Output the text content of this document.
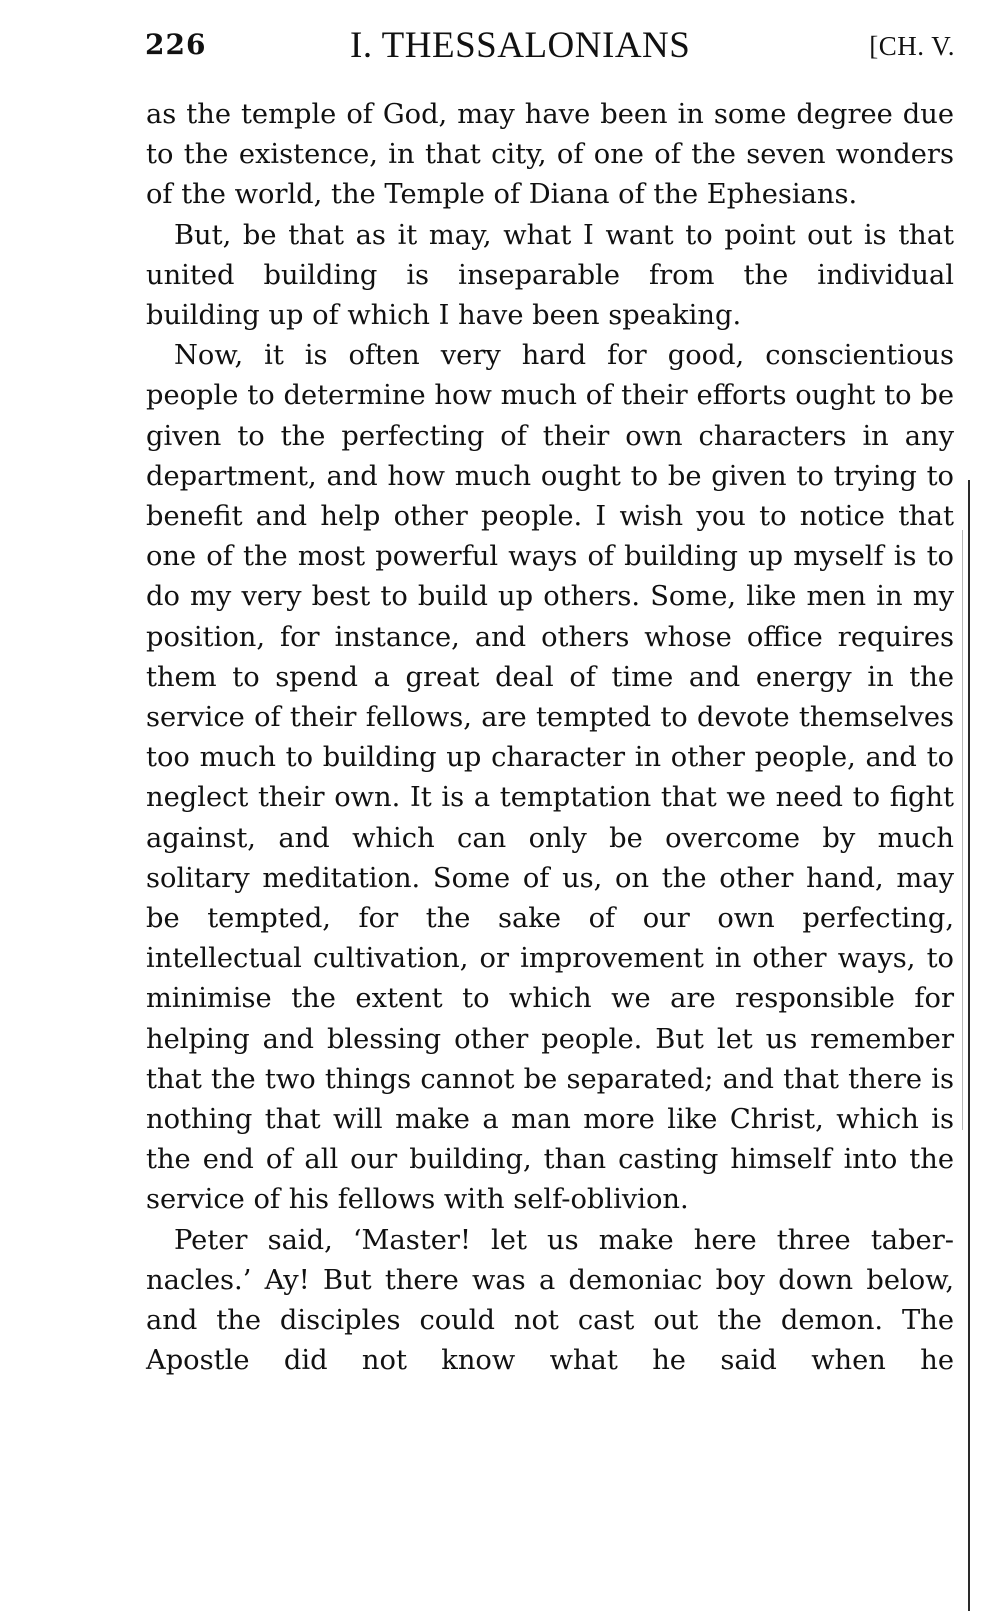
226	I. THESSALONIANS	[CH. V.

as the temple of God, may have been in some degree due to the existence, in that city, of one of the seven wonders of the world, the Temple of Diana of the Ephesians.

But, be that as it may, what I want to point out is that united building is inseparable from the individual building up of which I have been speaking.

Now, it is often very hard for good, conscientious people to determine how much of their efforts ought to be given to the perfecting of their own characters in any department, and how much ought to be given to trying to benefit and help other people. I wish you to notice that one of the most powerful ways of building up myself is to do my very best to build up others. Some, like men in my position, for instance, and others whose office requires them to spend a great deal of time and energy in the service of their fellows, are tempted to devote themselves too much to building up character in other people, and to neglect their own. It is a temptation that we need to fight against, and which can only be overcome by much solitary meditation. Some of us, on the other hand, may be tempted, for the sake of our own perfecting, intellectual cultivation, or improvement in other ways, to minimise the extent to which we are responsible for helping and blessing other people. But let us remember that the two things cannot be separated; and that there is nothing that will make a man more like Christ, which is the end of all our building, than casting himself into the service of his fellows with self-oblivion.

Peter said, ‘Master! let us make here three tabernacles.’ Ay! But there was a demoniac boy down below, and the disciples could not cast out the demon. The Apostle did not know what he said when he
